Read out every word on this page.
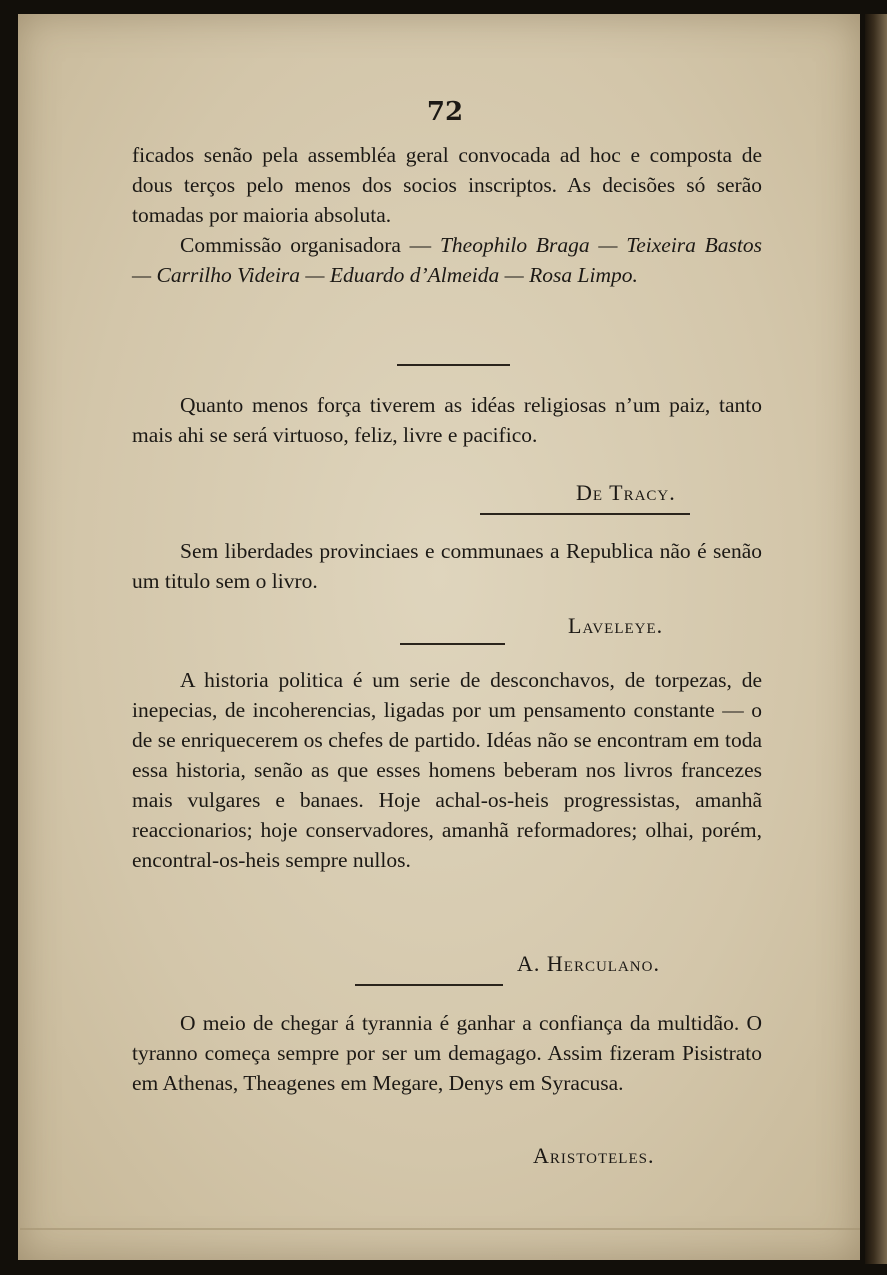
72

ficados senão pela assembléa geral convocada ad hoc e composta de dous terços pelo menos dos socios inscriptos. As decisões só serão tomadas por maioria absoluta.

Commissão organisadora — Theophilo Braga — Teixeira Bastos — Carrilho Videira — Eduardo d’Almeida — Rosa Limpo.

Quanto menos força tiverem as idéas religiosas n’um paiz, tanto mais ahi se será virtuoso, feliz, livre e pacifico.

De Tracy.

Sem liberdades provinciaes e communaes a Republica não é senão um titulo sem o livro.

Laveleye.

A historia politica é um serie de desconchavos, de torpezas, de inepecias, de incoherencias, ligadas por um pensamento constante — o de se enriquecerem os chefes de partido. Idéas não se encontram em toda essa historia, senão as que esses homens beberam nos livros francezes mais vulgares e banaes. Hoje achal-os-heis progressistas, amanhã reaccionarios; hoje conservadores, amanhã reformadores; olhai, porém, encontral-os-heis sempre nullos.

A. Herculano.

O meio de chegar á tyrannia é ganhar a confiança da multidão. O tyranno começa sempre por ser um demagago. Assim fizeram Pisistrato em Athenas, Theagenes em Megare, Denys em Syracusa.

Aristoteles.
